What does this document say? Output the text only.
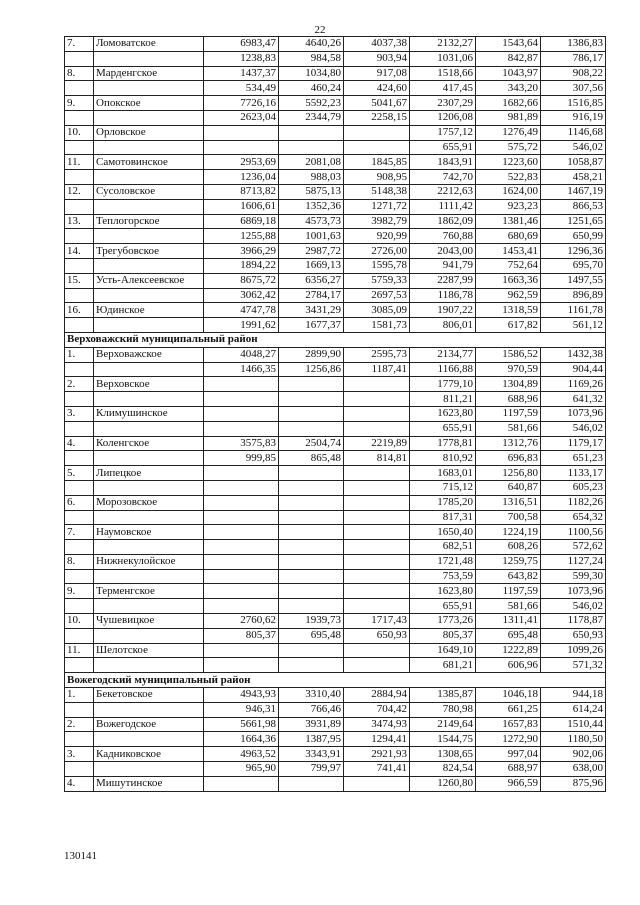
22
7.	Ломоватское	6983,47	4640,26	4037,38	2132,27	1543,64	1386,83
		1238,83	984,58	903,94	1031,06	842,87	786,17
8.	Марденгское	1437,37	1034,80	917,08	1518,66	1043,97	908,22
		534,49	460,24	424,60	417,45	343,20	307,56
9.	Опокское	7726,16	5592,23	5041,67	2307,29	1682,66	1516,85
		2623,04	2344,79	2258,15	1206,08	981,89	916,19
10.	Орловское				1757,12	1276,49	1146,68
					655,91	575,72	546,02
11.	Самотовинское	2953,69	2081,08	1845,85	1843,91	1223,60	1058,87
		1236,04	988,03	908,95	742,70	522,83	458,21
12.	Сусоловское	8713,82	5875,13	5148,38	2212,63	1624,00	1467,19
		1606,61	1352,36	1271,72	1111,42	923,23	866,53
13.	Теплогорское	6869,18	4573,73	3982,79	1862,09	1381,46	1251,65
		1255,88	1001,63	920,99	760,88	680,69	650,99
14.	Трегубовское	3966,29	2987,72	2726,00	2043,00	1453,41	1296,36
		1894,22	1669,13	1595,78	941,79	752,64	695,70
15.	Усть-Алексеевское	8675,72	6356,27	5759,33	2287,99	1663,36	1497,55
		3062,42	2784,17	2697,53	1186,78	962,59	896,89
16.	Юдинское	4747,78	3431,29	3085,09	1907,22	1318,59	1161,78
		1991,62	1677,37	1581,73	806,01	617,82	561,12
Верховажский муниципальный район							
1.	Верховажское	4048,27	2899,90	2595,73	2134,77	1586,52	1432,38
		1466,35	1256,86	1187,41	1166,88	970,59	904,44
2.	Верховское				1779,10	1304,89	1169,26
					811,21	688,96	641,32
3.	Климушинское				1623,80	1197,59	1073,96
					655,91	581,66	546,02
4.	Коленгское	3575,83	2504,74	2219,89	1778,81	1312,76	1179,17
		999,85	865,48	814,81	810,92	696,83	651,23
5.	Липецкое				1683,01	1256,80	1133,17
					715,12	640,87	605,23
6.	Морозовское				1785,20	1316,51	1182,26
					817,31	700,58	654,32
7.	Наумовское				1650,40	1224,19	1100,56
					682,51	608,26	572,62
8.	Нижнекулойское				1721,48	1259,75	1127,24
					753,59	643,82	599,30
9.	Терменгское				1623,80	1197,59	1073,96
					655,91	581,66	546,02
10.	Чушевицкое	2760,62	1939,73	1717,43	1773,26	1311,41	1178,87
		805,37	695,48	650,93	805,37	695,48	650,93
11.	Шелотское				1649,10	1222,89	1099,26
					681,21	606,96	571,32
Вожегодский муниципальный район							
1.	Бекетовское	4943,93	3310,40	2884,94	1385,87	1046,18	944,18
		946,31	766,46	704,42	780,98	661,25	614,24
2.	Вожегодское	5661,98	3931,89	3474,93	2149,64	1657,83	1510,44
		1664,36	1387,95	1294,41	1544,75	1272,90	1180,50
3.	Кадниковское	4963,52	3343,91	2921,93	1308,65	997,04	902,06
		965,90	799,97	741,41	824,54	688,97	638,00
4.	Мишутинское				1260,80	966,59	875,96
130141
